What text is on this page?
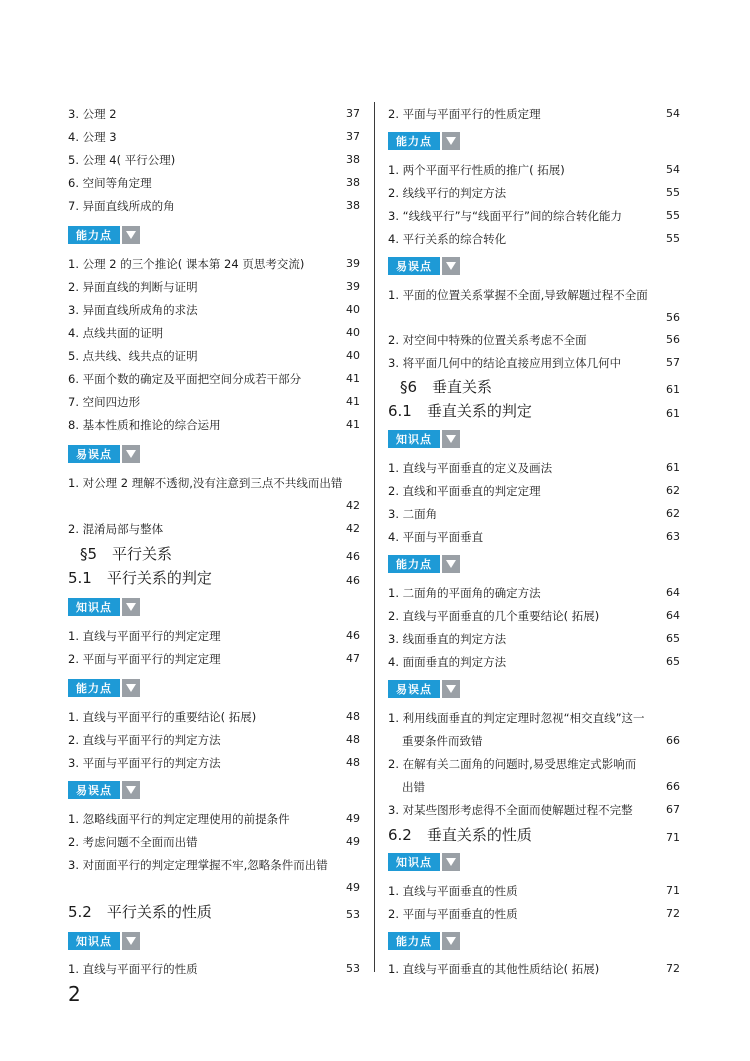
3. 公理 2	37
4. 公理 3	37
5. 公理 4( 平行公理)	38
6. 空间等角定理	38
7. 异面直线所成的角	38
能力点
1. 公理 2 的三个推论( 课本第 24 页思考交流)	39
2. 异面直线的判断与证明	39
3. 异面直线所成角的求法	40
4. 点线共面的证明	40
5. 点共线、线共点的证明	40
6. 平面个数的确定及平面把空间分成若干部分	41
7. 空间四边形	41
8. 基本性质和推论的综合运用	41
易误点
1. 对公理 2 理解不透彻,没有注意到三点不共线而出错
42
2. 混淆局部与整体	42
§5　平行关系	46
5.1　平行关系的判定	46
知识点
1. 直线与平面平行的判定定理	46
2. 平面与平面平行的判定定理	47
能力点
1. 直线与平面平行的重要结论( 拓展)	48
2. 直线与平面平行的判定方法	48
3. 平面与平面平行的判定方法	48
易误点
1. 忽略线面平行的判定定理使用的前提条件	49
2. 考虑问题不全面而出错	49
3. 对面面平行的判定定理掌握不牢,忽略条件而出错
49
5.2　平行关系的性质	53
知识点
1. 直线与平面平行的性质	53
2. 平面与平面平行的性质定理	54
能力点
1. 两个平面平行性质的推广( 拓展)	54
2. 线线平行的判定方法	55
3. “线线平行”与“线面平行”间的综合转化能力	55
4. 平行关系的综合转化	55
易误点
1. 平面的位置关系掌握不全面,导致解题过程不全面
56
2. 对空间中特殊的位置关系考虑不全面	56
3. 将平面几何中的结论直接应用到立体几何中	57
§6　垂直关系	61
6.1　垂直关系的判定	61
知识点
1. 直线与平面垂直的定义及画法	61
2. 直线和平面垂直的判定定理	62
3. 二面角	62
4. 平面与平面垂直	63
能力点
1. 二面角的平面角的确定方法	64
2. 直线与平面垂直的几个重要结论( 拓展)	64
3. 线面垂直的判定方法	65
4. 面面垂直的判定方法	65
易误点
1. 利用线面垂直的判定定理时忽视“相交直线”这一
重要条件而致错	66
2. 在解有关二面角的问题时,易受思维定式影响而
出错	66
3. 对某些图形考虑得不全面而使解题过程不完整	67
6.2　垂直关系的性质	71
知识点
1. 直线与平面垂直的性质	71
2. 平面与平面垂直的性质	72
能力点
1. 直线与平面垂直的其他性质结论( 拓展)	72
2
